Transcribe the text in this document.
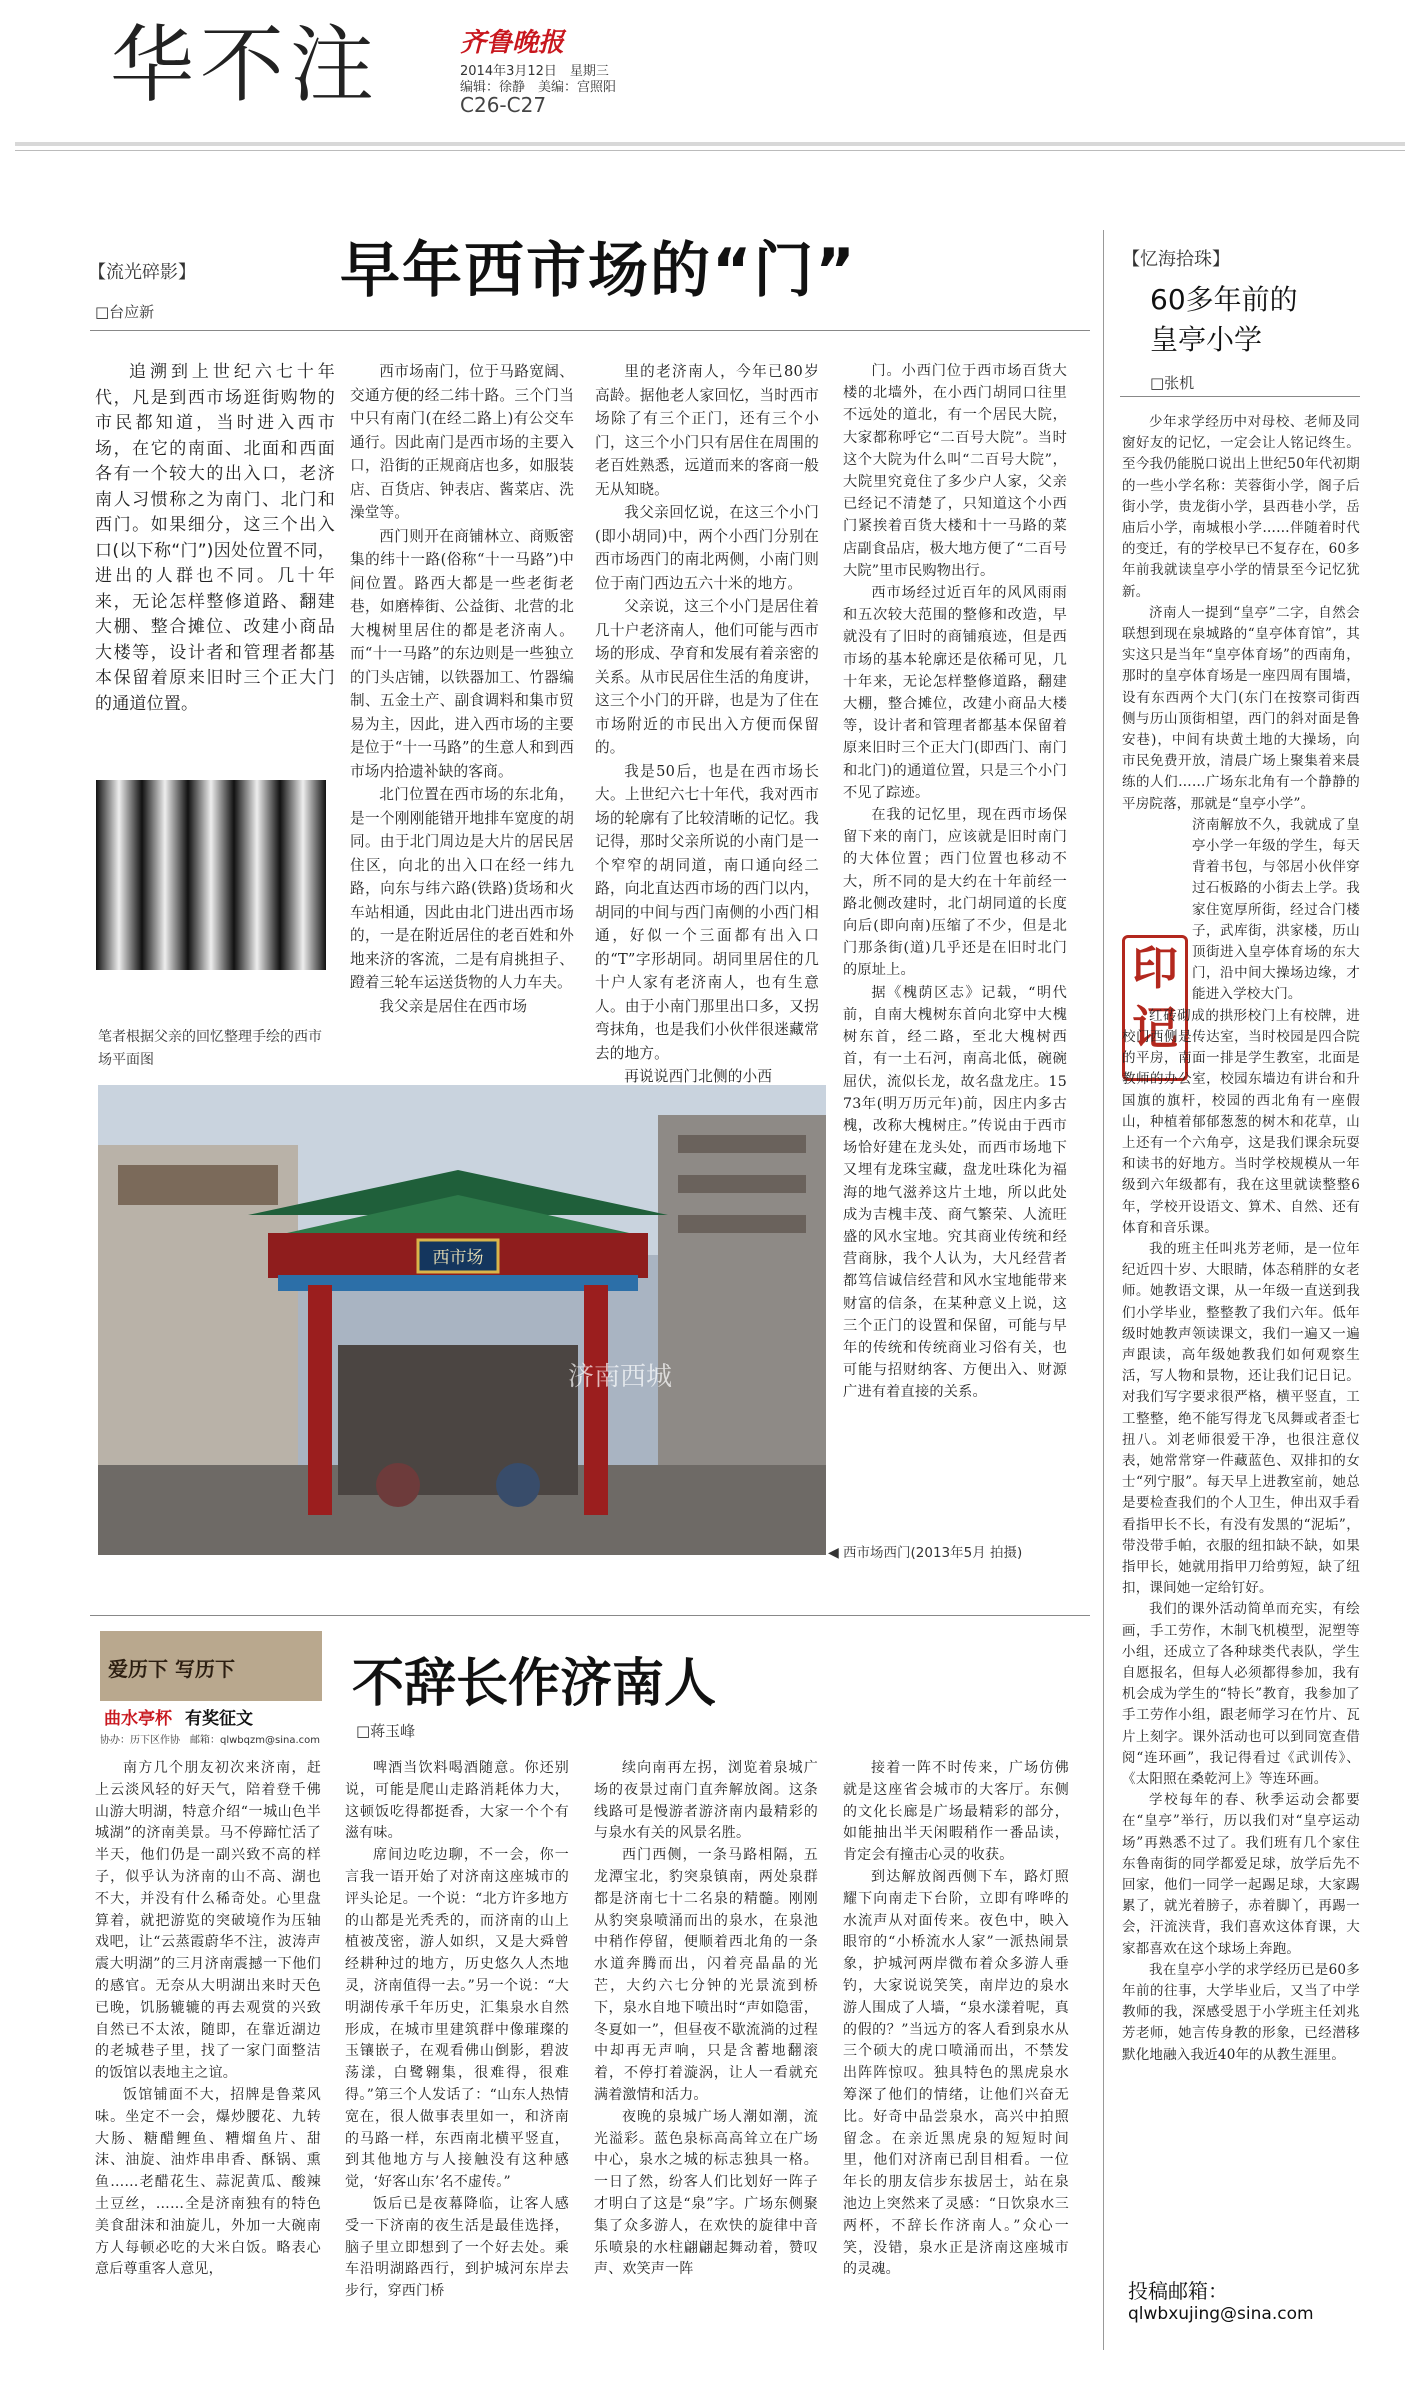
华不注	齐鲁晚报
2014年3月12日　星期三
编辑：徐静　美编：宫照阳
C26-C27
【流光碎影】 早年西市场的“门”
□台应新

追溯到上世纪六七十年代，凡是到西市场逛街购物的市民都知道，当时进入西市场，在它的南面、北面和西面各有一个较大的出入口，老济南人习惯称之为南门、北门和西门。如果细分，这三个出入口(以下称“门”)因处位置不同，进出的人群也不同。几十年来，无论怎样整修道路、翻建大棚、整合摊位、改建小商品大楼等，设计者和管理者都基本保留着原来旧时三个正大门的通道位置。

笔者根据父亲的回忆整理手绘的西市场平面图

西市场南门，位于马路宽阔、交通方便的经二纬十路。三个门当中只有南门(在经二路上)有公交车通行。因此南门是西市场的主要入口，沿街的正规商店也多，如服装店、百货店、钟表店、酱菜店、洗澡堂等。

西门则开在商铺林立、商贩密集的纬十一路(俗称“十一马路”)中间位置。路西大都是一些老街老巷，如磨棒街、公益街、北营的北大槐树里居住的都是老济南人。而“十一马路”的东边则是一些独立的门头店铺，以铁器加工、竹器编制、五金土产、副食调料和集市贸易为主，因此，进入西市场的主要是位于“十一马路”的生意人和到西市场内拾遗补缺的客商。

北门位置在西市场的东北角，是一个刚刚能错开地排车宽度的胡同。由于北门周边是大片的居民居住区，向北的出入口在经一纬九路，向东与纬六路(铁路)货场和火车站相通，因此由北门进出西市场的，一是在附近居住的老百姓和外地来济的客流，二是有肩挑担子、蹬着三轮车运送货物的人力车夫。

我父亲是居住在西市场

里的老济南人，今年已80岁高龄。据他老人家回忆，当时西市场除了有三个正门，还有三个小门，这三个小门只有居住在周围的老百姓熟悉，远道而来的客商一般无从知晓。

我父亲回忆说，在这三个小门(即小胡同)中，两个小西门分别在西市场西门的南北两侧，小南门则位于南门西边五六十米的地方。

父亲说，这三个小门是居住着几十户老济南人，他们可能与西市场的形成、孕育和发展有着亲密的关系。从市民居住生活的角度讲，这三个小门的开辟，也是为了住在市场附近的市民出入方便而保留的。

我是50后，也是在西市场长大。上世纪六七十年代，我对西市场的轮廓有了比较清晰的记忆。我记得，那时父亲所说的小南门是一个窄窄的胡同道，南口通向经二路，向北直达西市场的西门以内，胡同的中间与西门南侧的小西门相通，好似一个三面都有出入口的“T”字形胡同。胡同里居住的几十户人家有老济南人，也有生意人。由于小南门那里出口多，又拐弯抹角，也是我们小伙伴很迷藏常去的地方。

再说说西门北侧的小西

门。小西门位于西市场百货大楼的北墙外，在小西门胡同口往里不远处的道北，有一个居民大院，大家都称呼它“二百号大院”。当时这个大院为什么叫“二百号大院”，大院里究竟住了多少户人家，父亲已经记不清楚了，只知道这个小西门紧挨着百货大楼和十一马路的菜店副食品店，极大地方便了“二百号大院”里市民购物出行。

西市场经过近百年的风风雨雨和五次较大范围的整修和改造，早就没有了旧时的商铺痕迹，但是西市场的基本轮廓还是依稀可见，几十年来，无论怎样整修道路，翻建大棚，整合摊位，改建小商品大楼等，设计者和管理者都基本保留着原来旧时三个正大门(即西门、南门和北门)的通道位置，只是三个小门不见了踪迹。

在我的记忆里，现在西市场保留下来的南门，应该就是旧时南门的大体位置；西门位置也移动不大，所不同的是大约在十年前经一路北侧改建时，北门胡同道的长度向后(即向南)压缩了不少，但是北门那条街(道)几乎还是在旧时北门的原址上。

据《槐荫区志》记载，“明代前，自南大槐树东首向北穿中大槐树东首，经二路，至北大槐树西首，有一土石河，南高北低，碗碗屈伏，流似长龙，故名盘龙庄。1573年(明万历元年)前，因庄内多古槐，改称大槐树庄。”传说由于西市场恰好建在龙头处，而西市场地下又埋有龙珠宝藏，盘龙吐珠化为福海的地气滋养这片土地，所以此处成为吉槐丰茂、商气繁荣、人流旺盛的风水宝地。究其商业传统和经营商脉，我个人认为，大凡经营者都笃信诚信经营和风水宝地能带来财富的信条，在某种意义上说，这三个正门的设置和保留，可能与早年的传统和传统商业习俗有关，也可能与招财纳客、方便出入、财源广进有着直接的关系。

西市场
济南西城
◀ 西市场西门(2013年5月 拍摄)
爱历下 写历下
曲水亭杯 有奖征文
协办：历下区作协　邮箱：qlwbqzm@sina.com
不辞长作济南人
□蒋玉峰

南方几个朋友初次来济南，赶上云淡风轻的好天气，陪着登千佛山游大明湖，特意介绍“一城山色半城湖”的济南美景。马不停蹄忙活了半天，他们仍是一副兴致不高的样子，似乎认为济南的山不高、湖也不大，并没有什么稀奇处。心里盘算着，就把游览的突破境作为压轴戏吧，让“云蒸霞蔚华不注，波涛声震大明湖”的三月济南震撼一下他们的感官。无奈从大明湖出来时天色已晚，饥肠辘辘的再去观赏的兴致自然已不太浓，随即，在靠近湖边的老城巷子里，找了一家门面整洁的饭馆以表地主之谊。

饭馆铺面不大，招牌是鲁菜风味。坐定不一会，爆炒腰花、九转大肠、糖醋鲤鱼、糟熘鱼片、甜沫、油旋、油炸串串香、酥锅、熏鱼……老醋花生、蒜泥黄瓜、酸辣土豆丝，……全是济南独有的特色美食甜沫和油旋儿，外加一大碗南方人每顿必吃的大米白饭。略表心意后尊重客人意见，

啤酒当饮料喝酒随意。你还别说，可能是爬山走路消耗体力大，这顿饭吃得都挺香，大家一个个有滋有味。

席间边吃边聊，不一会，你一言我一语开始了对济南这座城市的评头论足。一个说：“北方许多地方的山都是光秃秃的，而济南的山上植被茂密，游人如织，又是大舜曾经耕种过的地方，历史悠久人杰地灵，济南值得一去。”另一个说：“大明湖传承千年历史，汇集泉水自然形成，在城市里建筑群中像璀璨的玉镶嵌子，在观看佛山倒影，碧波荡漾，白鹭翱集，很难得，很难得。”第三个人发话了：“山东人热情宽在，很人做事表里如一，和济南的马路一样，东西南北横平竖直，到其他地方与人接触没有这种感觉，‘好客山东’名不虚传。”

饭后已是夜幕降临，让客人感受一下济南的夜生活是最佳选择，脑子里立即想到了一个好去处。乘车沿明湖路西行，到护城河东岸去步行，穿西门桥

续向南再左拐，浏览着泉城广场的夜景过南门直奔解放阁。这条线路可是慢游者游济南内最精彩的与泉水有关的风景名胜。

西门西侧，一条马路相隔，五龙潭宝北，豹突泉镇南，两处泉群都是济南七十二名泉的精髓。刚刚从豹突泉喷涌而出的泉水，在泉池中稍作停留，便顺着西北角的一条水道奔腾而出，闪着亮晶晶的光芒，大约六七分钟的光景流到桥下，泉水自地下喷出时“声如隐雷，冬夏如一”，但昼夜不歇流淌的过程中却再无声响，只是含蓄地翻滚着，不停打着漩涡，让人一看就充满着激情和活力。

夜晚的泉城广场人潮如潮，流光溢彩。蓝色泉标高高耸立在广场中心，泉水之城的标志独具一格。一日了然，纷客人们比划好一阵子才明白了这是“泉”字。广场东侧聚集了众多游人，在欢快的旋律中音乐喷泉的水柱翩翩起舞动着，赞叹声、欢笑声一阵

接着一阵不时传来，广场仿佛就是这座省会城市的大客厅。东侧的文化长廊是广场最精彩的部分，如能抽出半天闲暇稍作一番品读，肯定会有撞击心灵的收获。

到达解放阁西侧下车，路灯照耀下向南走下台阶，立即有哗哗的水流声从对面传来。夜色中，映入眼帘的“小桥流水人家”一派热闹景象，护城河两岸微布着众多游人垂钓，大家说说笑笑，南岸边的泉水游人围成了人墙，“泉水漾着呢，真的假的？”当远方的客人看到泉水从三个硕大的虎口喷涌而出，不禁发出阵阵惊叹。独具特色的黑虎泉水筹深了他们的情绪，让他们兴奋无比。好奇中品尝泉水，高兴中拍照留念。在亲近黑虎泉的短短时间里，他们对济南已刮目相看。一位年长的朋友信步东拔居士，站在泉池边上突然来了灵感：“日饮泉水三两杯，不辞长作济南人。”众心一笑，没错，泉水正是济南这座城市的灵魂。

【忆海拾珠】
60多年前的
皇亭小学
□张机
印
记

少年求学经历中对母校、老师及同窗好友的记忆，一定会让人铭记终生。至今我仍能脱口说出上世纪50年代初期的一些小学名称：芙蓉街小学，阁子后街小学，贵龙街小学，县西巷小学，岳庙后小学，南城根小学……伴随着时代的变迁，有的学校早已不复存在，60多年前我就读皇亭小学的情景至今记忆犹新。

济南人一提到“皇亭”二字，自然会联想到现在泉城路的“皇亭体育馆”，其实这只是当年“皇亭体育场”的西南角，那时的皇亭体育场是一座四周有围墙，设有东西两个大门(东门在按察司街西侧与历山顶街相望，西门的斜对面是鲁安巷)，中间有块黄土地的大操场，向市民免费开放，清晨广场上聚集着来晨练的人们……广场东北角有一个静静的平房院落，那就是“皇亭小学”。

济南解放不久，我就成了皇亭小学一年级的学生，每天背着书包，与邻居小伙伴穿过石板路的小街去上学。我家住宽厚所街，经过合门楼子，武库街，洪家楼，历山顶街进入皇亭体育场的东大门，沿中间大操场边缘，才能进入学校大门。

红砖砌成的拱形校门上有校牌，进校门西侧是传达室，当时校园是四合院的平房，南面一排是学生教室，北面是教师的办公室，校园东墙边有讲台和升国旗的旗杆，校园的西北角有一座假山，种植着郁郁葱葱的树木和花草，山上还有一个六角亭，这是我们课余玩耍和读书的好地方。当时学校规模从一年级到六年级都有，我在这里就读整整6年，学校开设语文、算术、自然、还有体育和音乐课。

我的班主任叫兆芳老师，是一位年纪近四十岁、大眼睛，体态稍胖的女老师。她教语文课，从一年级一直送到我们小学毕业，整整教了我们六年。低年级时她教声领读课文，我们一遍又一遍声跟读，高年级她教我们如何观察生活，写人物和景物，还让我们记日记。对我们写字要求很严格，横平竖直，工工整整，绝不能写得龙飞凤舞或者歪七扭八。刘老师很爱干净，也很注意仪表，她常常穿一件藏蓝色、双排扣的女士“列宁服”。每天早上进教室前，她总是要检查我们的个人卫生，伸出双手看看指甲长不长，有没有发黑的“泥垢”，带没带手帕，衣服的纽扣缺不缺，如果指甲长，她就用指甲刀给剪短，缺了纽扣，课间她一定给钉好。

我们的课外活动简单而充实，有绘画，手工劳作，木制飞机模型，泥塑等小组，还成立了各种球类代表队，学生自愿报名，但每人必须都得参加，我有机会成为学生的“特长”教育，我参加了手工劳作小组，跟老师学习在竹片、瓦片上刻字。课外活动也可以到同宽查借阅“连环画”，我记得看过《武训传》、《太阳照在桑乾河上》等连环画。

学校每年的春、秋季运动会都要在“皇亭”举行，历以我们对“皇亭运动场”再熟悉不过了。我们班有几个家住东鲁南街的同学都爱足球，放学后先不回家，他们一同学一起踢足球，大家踢累了，就光着膀子，赤着脚丫，再踢一会，汗流浃背，我们喜欢这体育课，大家都喜欢在这个球场上奔跑。

我在皇亭小学的求学经历已是60多年前的往事，大学毕业后，又当了中学教师的我，深感受恩于小学班主任刘兆芳老师，她言传身教的形象，已经潜移默化地融入我近40年的从教生涯里。

投稿邮箱：
qlwbxujing@sina.com
